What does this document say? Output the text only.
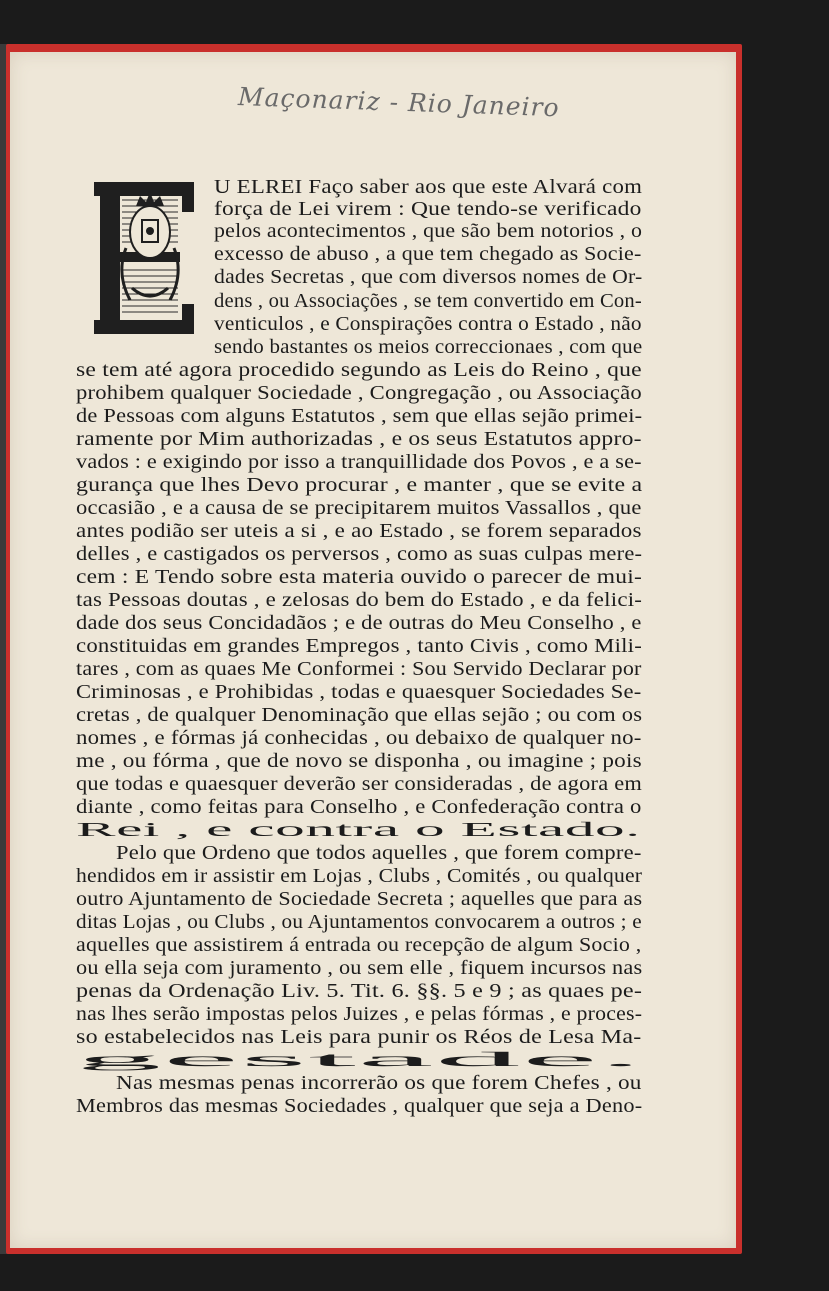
Maçonariz - Rio Janeiro
U ELREI Faço saber aos que este Alvará com
força de Lei virem : Que tendo-se verificado
pelos acontecimentos , que são bem notorios , o
excesso de abuso , a que tem chegado as Socie-
dades Secretas , que com diversos nomes de Or-
dens , ou Associações , se tem convertido em Con-
venticulos , e Conspirações contra o Estado , não
sendo bastantes os meios correccionaes , com que
se tem até agora procedido segundo as Leis do Reino , que
prohibem qualquer Sociedade , Congregação , ou Associação
de Pessoas com alguns Estatutos , sem que ellas sejão primei-
ramente por Mim authorizadas , e os seus Estatutos appro-
vados : e exigindo por isso a tranquillidade dos Povos , e a se-
gurança que lhes Devo procurar , e manter , que se evite a
occasião , e a causa de se precipitarem muitos Vassallos , que
antes podião ser uteis a si , e ao Estado , se forem separados
delles , e castigados os perversos , como as suas culpas mere-
cem : E Tendo sobre esta materia ouvido o parecer de mui-
tas Pessoas doutas , e zelosas do bem do Estado , e da felici-
dade dos seus Concidadãos ; e de outras do Meu Conselho , e
constituidas em grandes Empregos , tanto Civis , como Mili-
tares , com as quaes Me Conformei : Sou Servido Declarar por
Criminosas , e Prohibidas , todas e quaesquer Sociedades Se-
cretas , de qualquer Denominação que ellas sejão ; ou com os
nomes , e fórmas já conhecidas , ou debaixo de qualquer no-
me , ou fórma , que de novo se disponha , ou imagine ; pois
que todas e quaesquer deverão ser consideradas , de agora em
diante , como feitas para Conselho , e Confederação contra o
Rei , e contra o Estado.
Pelo que Ordeno que todos aquelles , que forem compre-
hendidos em ir assistir em Lojas , Clubs , Comités , ou qualquer
outro Ajuntamento de Sociedade Secreta ; aquelles que para as
ditas Lojas , ou Clubs , ou Ajuntamentos convocarem a outros ; e
aquelles que assistirem á entrada ou recepção de algum Socio ,
ou ella seja com juramento , ou sem elle , fiquem incursos nas
penas da Ordenação Liv. 5. Tit. 6. §§. 5 e 9 ; as quaes pe-
nas lhes serão impostas pelos Juizes , e pelas fórmas , e proces-
so estabelecidos nas Leis para punir os Réos de Lesa Ma-
gestade.
Nas mesmas penas incorrerão os que forem Chefes , ou
Membros das mesmas Sociedades , qualquer que seja a Deno-
